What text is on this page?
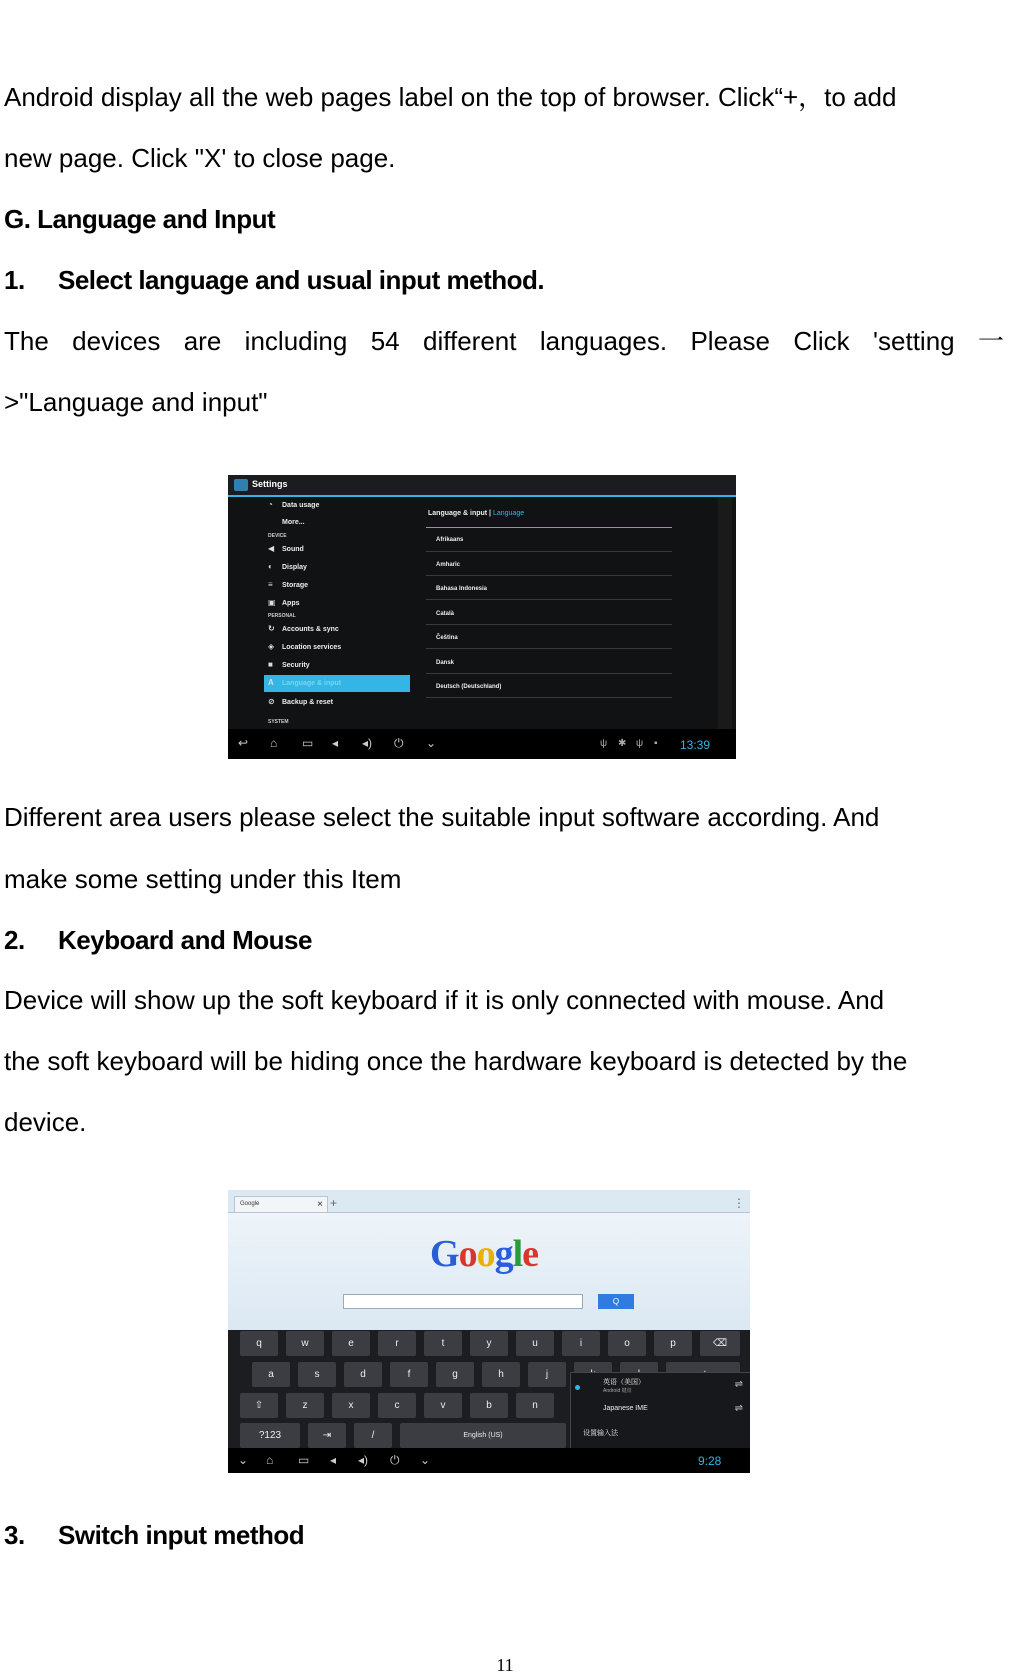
Android display all the web pages label on the top of browser. Click“+，to add
new page. Click "X' to close page.
G. Language and Input
1. Select language and usual input method.
The devices are including 54 different languages. Please Click 'setting 一
>"Language and input"
Settings
◔	Data usage
More...
DEVICE
◀ Sound
◐	Display
≡	Storage
▣ Apps
PERSONAL
↻ Accounts & sync
◈ Location services
■	Security
A	Language & input
⊘ Backup & reset
SYSTEM
Language & input | Language
Afrikaans
Amharic
Bahasa Indonesia
Català
Čeština
Dansk
Deutsch (Deutschland)
↩ ⌂ ▭ ◂ ◂) ⏻ ⌄	ψ ✱ ψ ▪ 13:39
Different area users please select the suitable input software according. And
make some setting under this Item
2. Keyboard and Mouse
Device will show up the soft keyboard if it is only connected with mouse. And
the soft keyboard will be hiding once the hardware keyboard is detected by the
device.
Google	× +	⋮
Google
Q
q	w	e	r	t	y	u	i	o	p	⌫
a	s	d	f	g	h	j
⇧	z	x	c	v	b	n
?123	⇥	/	English (US)
英语（美国）
Android 键盘
⇌
Japanese IME	⇌
设置输入法
⌄ ⌂ ▭ ◂ ◂) ⏻ ⌄	9:28
3. Switch input method
11
